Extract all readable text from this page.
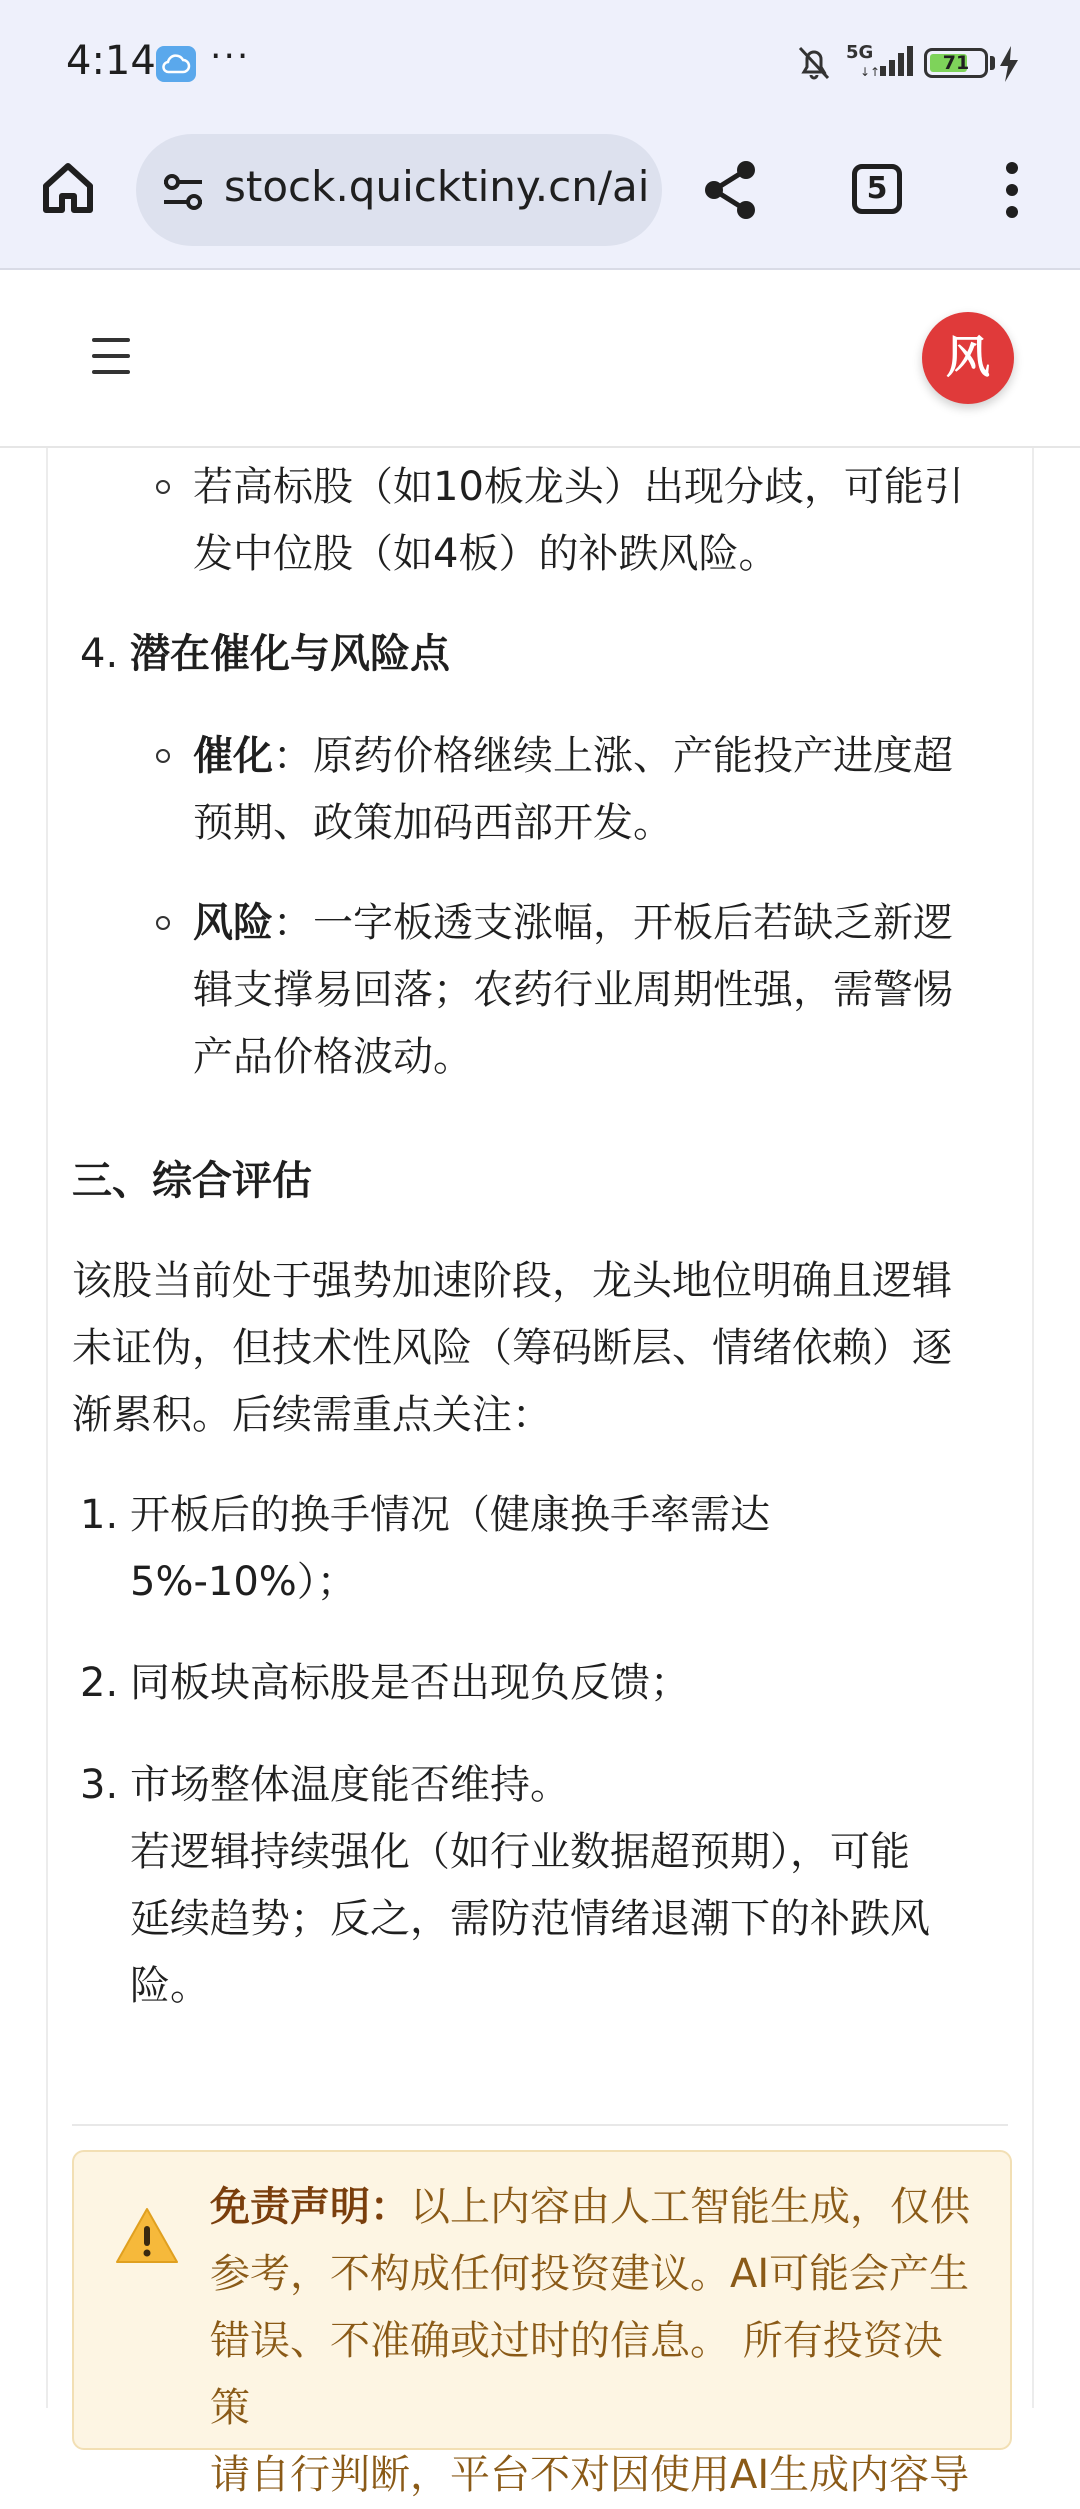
4:14 ···	5G
↓↑	71
stock.quicktiny.cn/ai	5
风
若高标股（如10板龙头）出现分歧，可能引
发中位股（如4板）的补跌风险。
4. 潜在催化与风险点
催化：原药价格继续上涨、产能投产进度超
预期、政策加码西部开发。
风险：一字板透支涨幅，开板后若缺乏新逻
辑支撑易回落；农药行业周期性强，需警惕
产品价格波动。
三、综合评估
该股当前处于强势加速阶段，龙头地位明确且逻辑
未证伪，但技术性风险（筹码断层、情绪依赖）逐
渐累积。后续需重点关注：
1. 开板后的换手情况（健康换手率需达
5%-10%）；
2. 同板块高标股是否出现负反馈；
3. 市场整体温度能否维持。
若逻辑持续强化（如行业数据超预期），可能
延续趋势；反之，需防范情绪退潮下的补跌风
险。
免责声明：以上内容由人工智能生成，仅供
参考，不构成任何投资建议。AI可能会产生
错误、不准确或过时的信息。 所有投资决策
请自行判断，平台不对因使用AI生成内容导
